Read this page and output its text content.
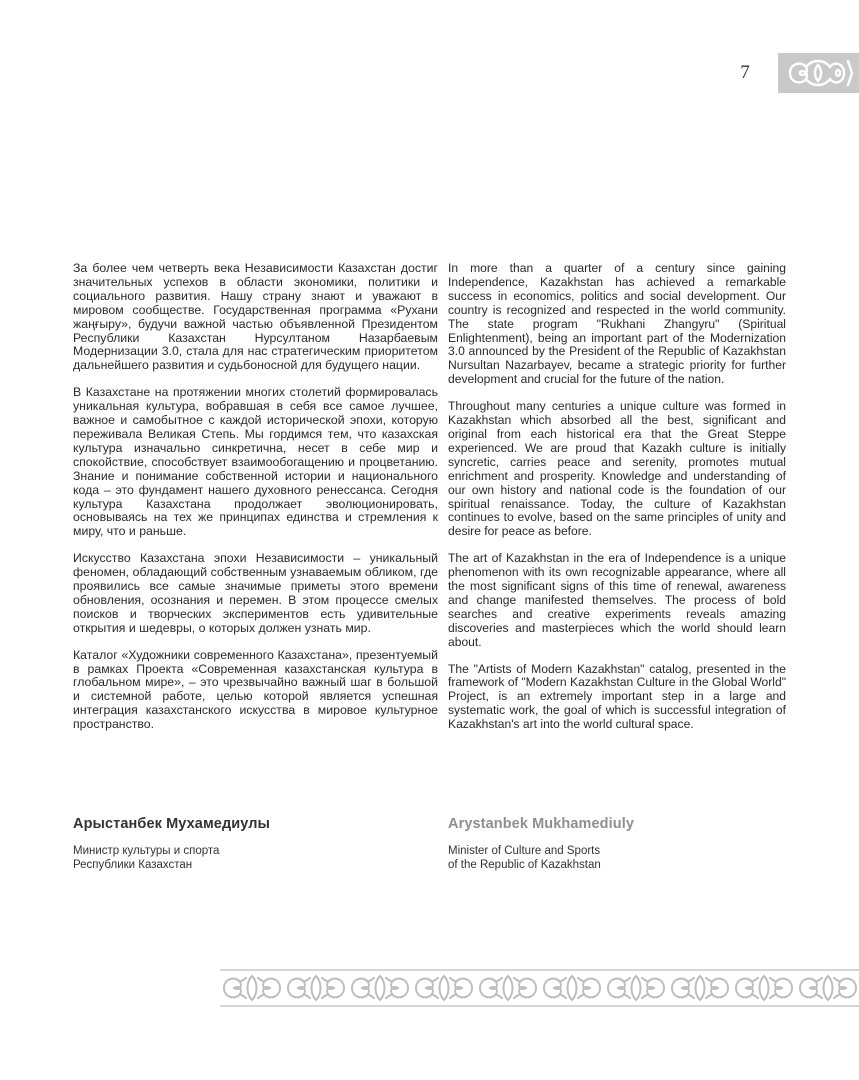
7

За более чем четверть века Независимости Казахстан достиг значительных успехов в области экономики, политики и социального развития. Нашу страну знают и уважают в мировом сообществе. Государственная программа «Рухани жаңғыру», будучи важной частью объявленной Президентом Республики Казахстан Нурсултаном Назарбаевым Модернизации 3.0, стала для нас стратегическим приоритетом дальнейшего развития и судьбоносной для будущего нации.

В Казахстане на протяжении многих столетий формировалась уникальная культура, вобравшая в себя все самое лучшее, важное и самобытное с каждой исторической эпохи, которую переживала Великая Степь. Мы гордимся тем, что казахская культура изначально синкретична, несет в себе мир и спокойствие, способствует взаимообогащению и процветанию. Знание и понимание собственной истории и национального кода – это фундамент нашего духовного ренессанса. Сегодня культура Казахстана продолжает эволюционировать, основываясь на тех же принципах единства и стремления к миру, что и раньше.

Искусство Казахстана эпохи Независимости – уникальный феномен, обладающий собственным узнаваемым обликом, где проявились все самые значимые приметы этого времени обновления, осознания и перемен. В этом процессе смелых поисков и творческих экспериментов есть удивительные открытия и шедевры, о которых должен узнать мир.

Каталог «Художники современного Казахстана», презентуемый в рамках Проекта «Современная казахстанская культура в глобальном мире», – это чрезвычайно важный шаг в большой и системной работе, целью которой является успешная интеграция казахстанского искусства в мировое культурное пространство.

In more than a quarter of a century since gaining Independence, Kazakhstan has achieved a remarkable success in economics, politics and social development. Our country is recognized and respected in the world community. The state program "Rukhani Zhangyru" (Spiritual Enlightenment), being an important part of the Modernization 3.0 announced by the President of the Republic of Kazakhstan Nursultan Nazarbayev, became a strategic priority for further development and crucial for the future of the nation.

Throughout many centuries a unique culture was formed in Kazakhstan which absorbed all the best, significant and original from each historical era that the Great Steppe experienced. We are proud that Kazakh culture is initially syncretic, carries peace and serenity, promotes mutual enrichment and prosperity. Knowledge and understanding of our own history and national code is the foundation of our spiritual renaissance. Today, the culture of Kazakhstan continues to evolve, based on the same principles of unity and desire for peace as before.

The art of Kazakhstan in the era of Independence is a unique phenomenon with its own recognizable appearance, where all the most significant signs of this time of renewal, awareness and change manifested themselves. The process of bold searches and creative experiments reveals amazing discoveries and masterpieces which the world should learn about.

The "Artists of Modern Kazakhstan" catalog, presented in the framework of "Modern Kazakhstan Culture in the Global World" Project, is an extremely important step in a large and systematic work, the goal of which is successful integration of Kazakhstan's art into the world cultural space.

Арыстанбек Мухамедиулы	Arystanbek Mukhamediuly
Министр культуры и спорта
Республики Казахстан
Minister of Culture and Sports
of the Republic of Kazakhstan
